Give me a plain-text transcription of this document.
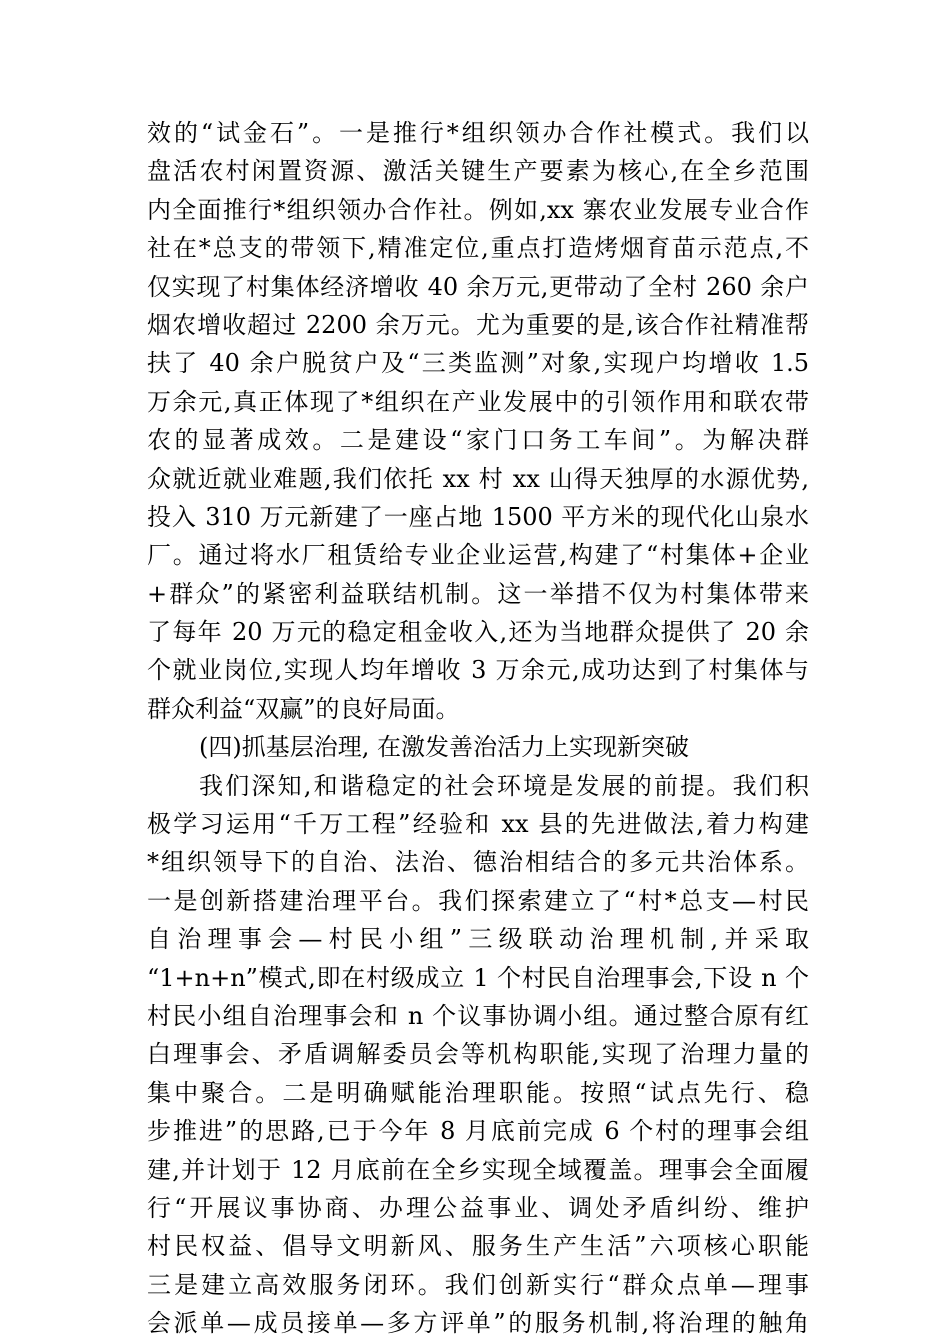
效的“试金石”。一是推行*组织领办合作社模式。我们以
盘活农村闲置资源、激活关键生产要素为核心,在全乡范围
内全面推行*组织领办合作社。例如,xx 寨农业发展专业合作
社在*总支的带领下,精准定位,重点打造烤烟育苗示范点,不
仅实现了村集体经济增收 40 余万元,更带动了全村 260 余户
烟农增收超过 2200 余万元。尤为重要的是,该合作社精准帮
扶了 40 余户脱贫户及“三类监测”对象,实现户均增收 1.5
万余元,真正体现了*组织在产业发展中的引领作用和联农带
农的显著成效。二是建设“家门口务工车间”。为解决群
众就近就业难题,我们依托 xx 村 xx 山得天独厚的水源优势,
投入 310 万元新建了一座占地 1500 平方米的现代化山泉水
厂。通过将水厂租赁给专业企业运营,构建了“村集体+企业
+群众”的紧密利益联结机制。这一举措不仅为村集体带来
了每年 20 万元的稳定租金收入,还为当地群众提供了 20 余
个就业岗位,实现人均年增收 3 万余元,成功达到了村集体与
群众利益“双赢”的良好局面。
(四)抓基层治理, 在激发善治活力上实现新突破
我们深知,和谐稳定的社会环境是发展的前提。我们积
极学习运用“千万工程”经验和 xx 县的先进做法,着力构建
*组织领导下的自治、法治、德治相结合的多元共治体系。
一是创新搭建治理平台。我们探索建立了“村*总支—村民
自治理事会—村民小组”三级联动治理机制,并采取
“1+n+n”模式,即在村级成立 1 个村民自治理事会,下设 n 个
村民小组自治理事会和 n 个议事协调小组。通过整合原有红
白理事会、矛盾调解委员会等机构职能,实现了治理力量的
集中聚合。二是明确赋能治理职能。按照“试点先行、稳
步推进”的思路,已于今年 8 月底前完成 6 个村的理事会组
建,并计划于 12 月底前在全乡实现全域覆盖。理事会全面履
行“开展议事协商、办理公益事业、调处矛盾纠纷、维护
村民权益、倡导文明新风、服务生产生活”六项核心职能
三是建立高效服务闭环。我们创新实行“群众点单—理事
会派单—成员接单—多方评单”的服务机制,将治理的触角
